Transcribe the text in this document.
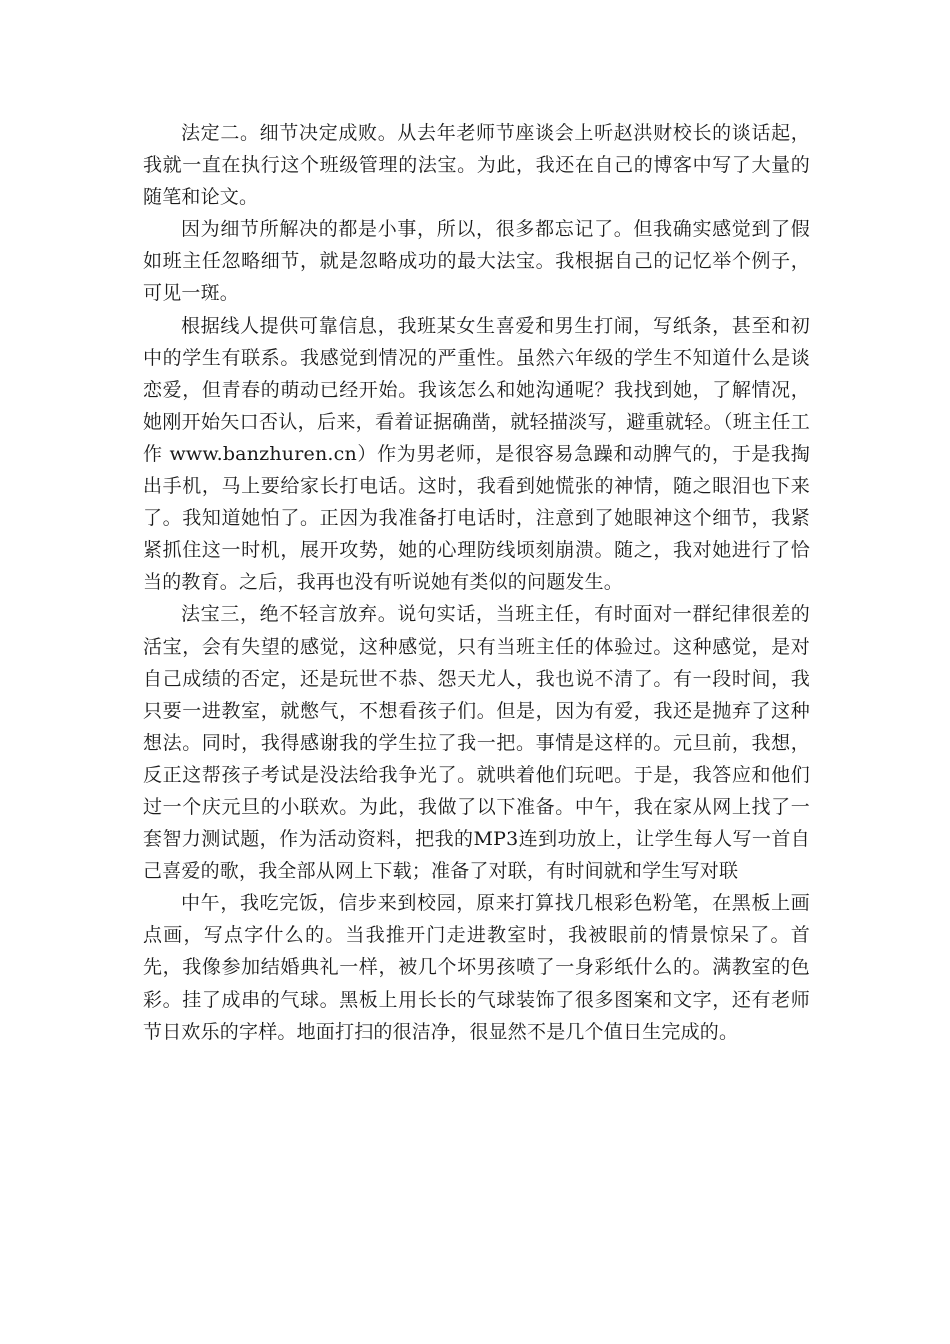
法定二。细节决定成败。从去年老师节座谈会上听赵洪财校长的谈话起，我就一直在执行这个班级管理的法宝。为此，我还在自己的博客中写了大量的随笔和论文。

因为细节所解决的都是小事，所以，很多都忘记了。但我确实感觉到了假如班主任忽略细节，就是忽略成功的最大法宝。我根据自己的记忆举个例子，可见一斑。

根据线人提供可靠信息，我班某女生喜爱和男生打闹，写纸条，甚至和初中的学生有联系。我感觉到情况的严重性。虽然六年级的学生不知道什么是谈恋爱，但青春的萌动已经开始。我该怎么和她沟通呢？我找到她，了解情况，她刚开始矢口否认，后来，看着证据确凿，就轻描淡写，避重就轻。（班主任工作 www.banzhuren.cn）作为男老师，是很容易急躁和动脾气的，于是我掏出手机，马上要给家长打电话。这时，我看到她慌张的神情，随之眼泪也下来了。我知道她怕了。正因为我准备打电话时，注意到了她眼神这个细节，我紧紧抓住这一时机，展开攻势，她的心理防线顷刻崩溃。随之，我对她进行了恰当的教育。之后，我再也没有听说她有类似的问题发生。

法宝三，绝不轻言放弃。说句实话，当班主任，有时面对一群纪律很差的活宝，会有失望的感觉，这种感觉，只有当班主任的体验过。这种感觉，是对自己成绩的否定，还是玩世不恭、怨天尤人，我也说不清了。有一段时间，我只要一进教室，就憋气，不想看孩子们。但是，因为有爱，我还是抛弃了这种想法。同时，我得感谢我的学生拉了我一把。事情是这样的。元旦前，我想，反正这帮孩子考试是没法给我争光了。就哄着他们玩吧。于是，我答应和他们过一个庆元旦的小联欢。为此，我做了以下准备。中午，我在家从网上找了一套智力测试题，作为活动资料，把我的MP3连到功放上，让学生每人写一首自己喜爱的歌，我全部从网上下载；准备了对联，有时间就和学生写对联

中午，我吃完饭，信步来到校园，原来打算找几根彩色粉笔，在黑板上画点画，写点字什么的。当我推开门走进教室时，我被眼前的情景惊呆了。首先，我像参加结婚典礼一样，被几个坏男孩喷了一身彩纸什么的。满教室的色彩。挂了成串的气球。黑板上用长长的气球装饰了很多图案和文字，还有老师节日欢乐的字样。地面打扫的很洁净，很显然不是几个值日生完成的。
